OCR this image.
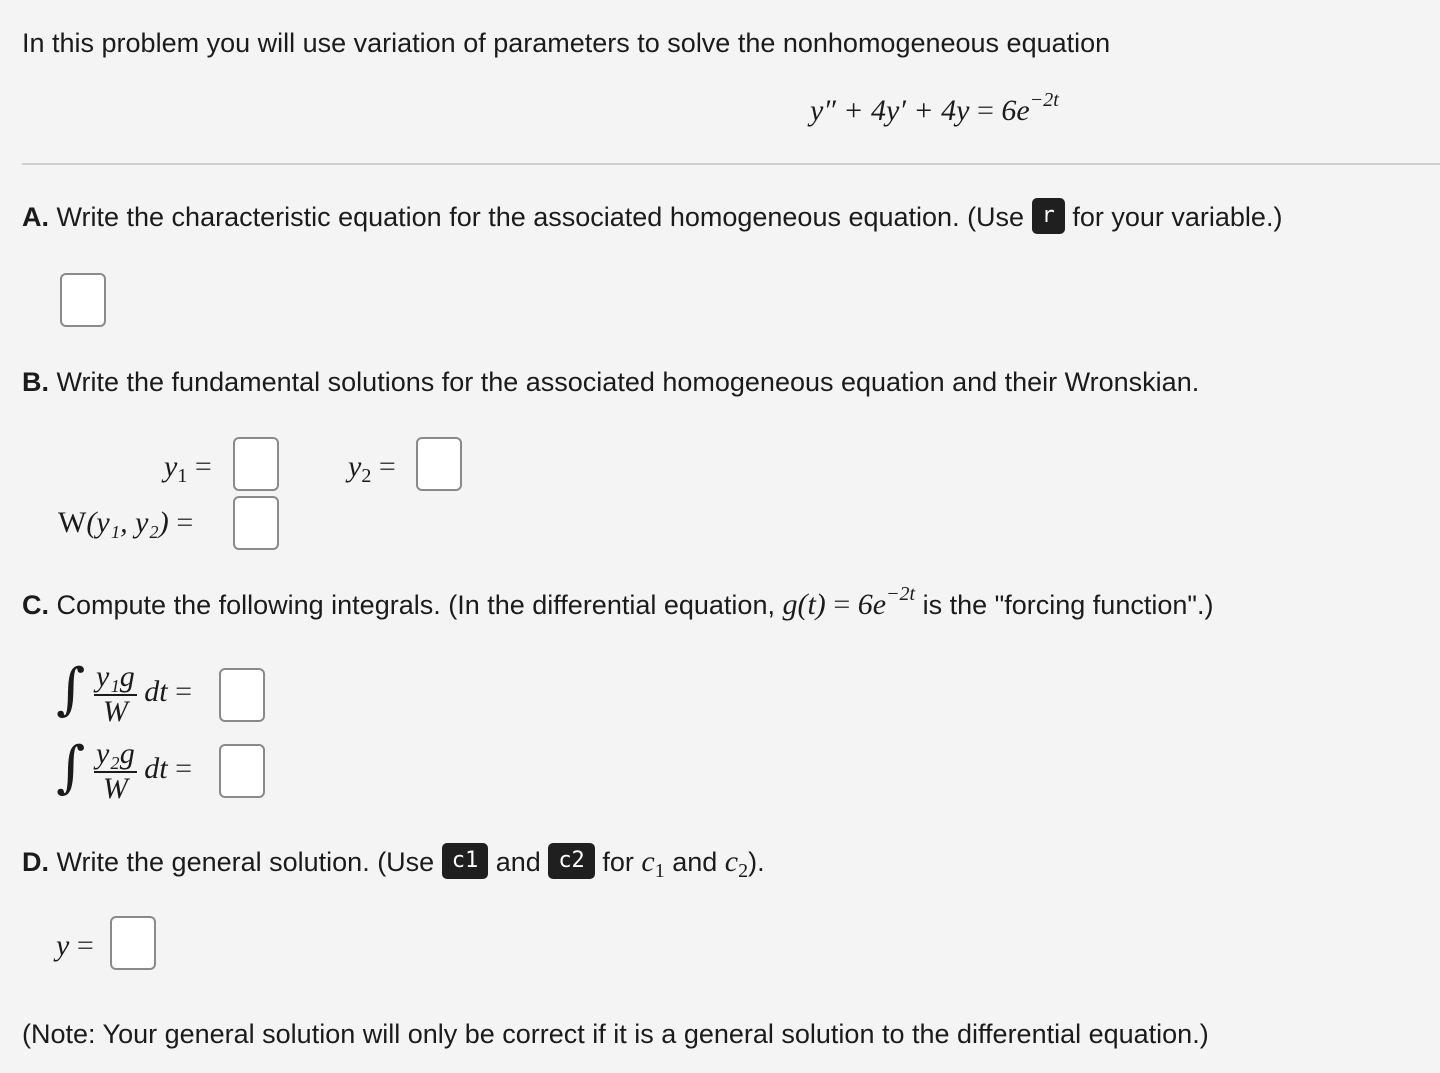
In this problem you will use variation of parameters to solve the nonhomogeneous equation
$y'' + 4y' + 4y = 6e^{-2t}$
A. Write the characteristic equation for the associated homogeneous equation. (Use r for your variable.)
B. Write the fundamental solutions for the associated homogeneous equation and their Wronskian.
$y_1$ =	$y_2$ =
W(y₁, y₂) =
C. Compute the following integrals. (In the differential equation, $g(t) = 6e^{-2t}$ is the "forcing function".)
∫ $\frac{\text{y₁g}}{W}$ dt =
∫ $\frac{\text{y₂g}}{W}$ dt =
D. Write the general solution. (Use c1 and c2 for $c_1$ and $c_2$).
y =
(Note: Your general solution will only be correct if it is a general solution to the differential equation.)
